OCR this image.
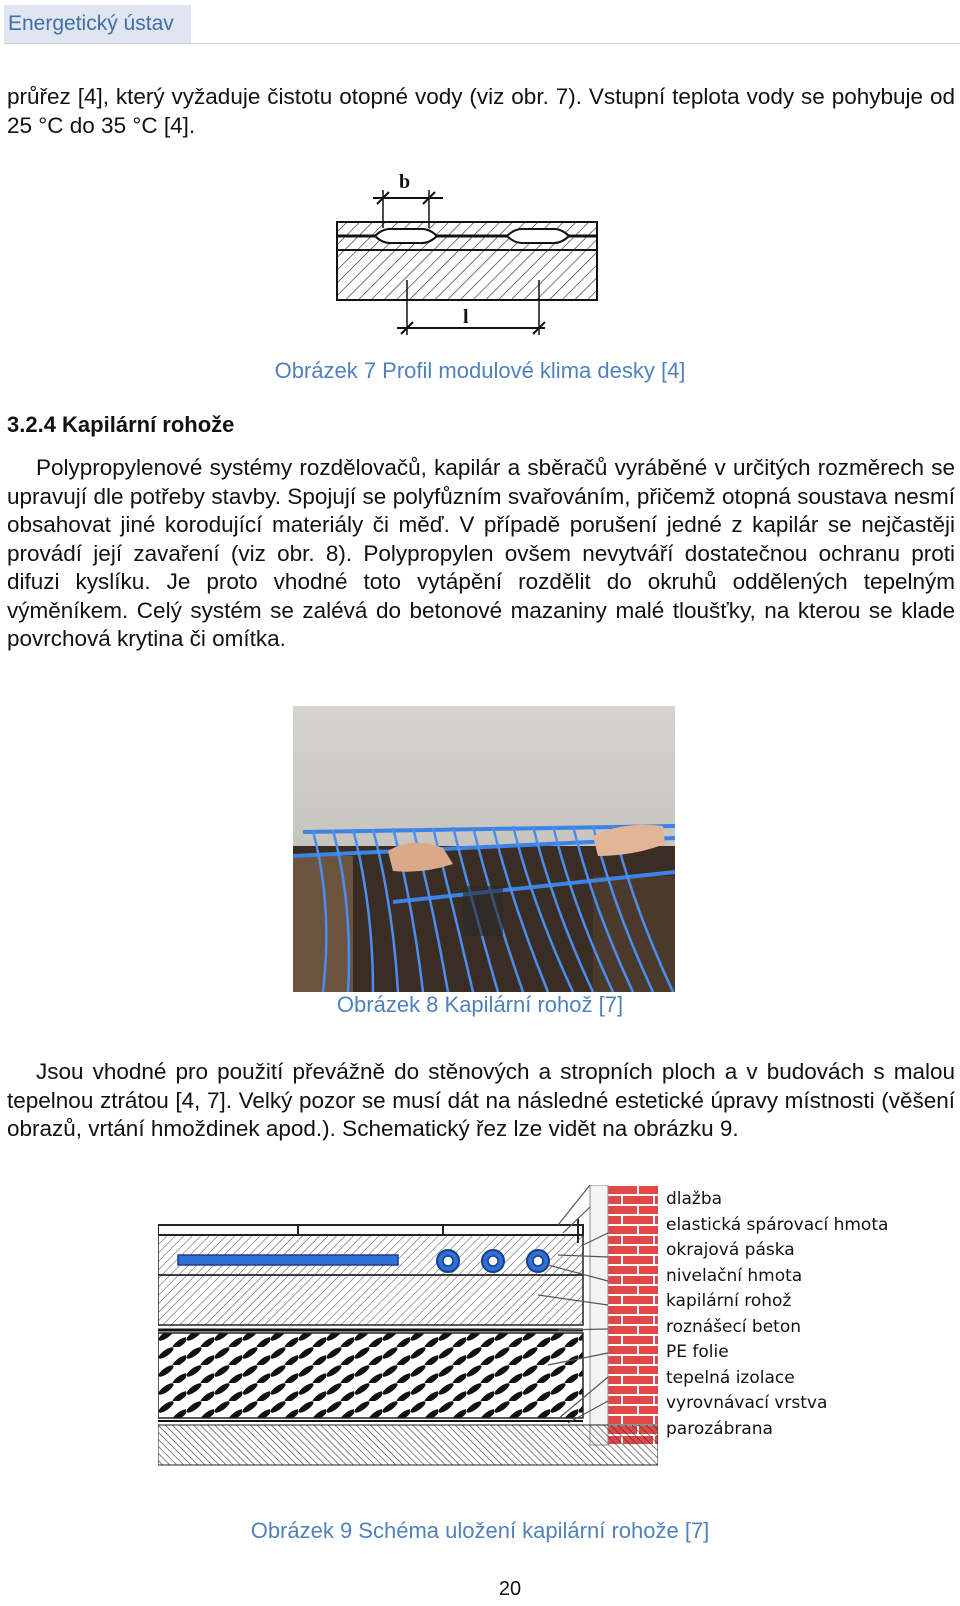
Energetický ústav

průřez [4], který vyžaduje čistotu otopné vody (viz obr. 7). Vstupní teplota vody se pohybuje od 25 °C do 35 °C [4].

b
l

Obrázek 7 Profil modulové klima desky [4]

3.2.4 Kapilární rohože

Polypropylenové systémy rozdělovačů, kapilár a sběračů vyráběné v určitých rozměrech se upravují dle potřeby stavby. Spojují se polyfůzním svařováním, přičemž otopná soustava nesmí obsahovat jiné korodující materiály či měď. V případě porušení jedné z kapilár se nejčastěji provádí její zavaření (viz obr. 8). Polypropylen ovšem nevytváří dostatečnou ochranu proti difuzi kyslíku. Je proto vhodné toto vytápění rozdělit do okruhů oddělených tepelným výměníkem. Celý systém se zalévá do betonové mazaniny malé tloušťky, na kterou se klade povrchová krytina či omítka.

Obrázek 8 Kapilární rohož [7]

Jsou vhodné pro použití převážně do stěnových a stropních ploch a v budovách s malou tepelnou ztrátou [4, 7]. Velký pozor se musí dát na následné estetické úpravy místnosti (věšení obrazů, vrtání hmoždinek apod.). Schematický řez lze vidět na obrázku 9.

dlažba
elastická spárovací hmota
okrajová páska
nivelační hmota
kapilární rohož
roznášecí beton
PE folie
tepelná izolace
vyrovnávací vrstva
parozábrana

Obrázek 9 Schéma uložení kapilární rohože [7]

20
